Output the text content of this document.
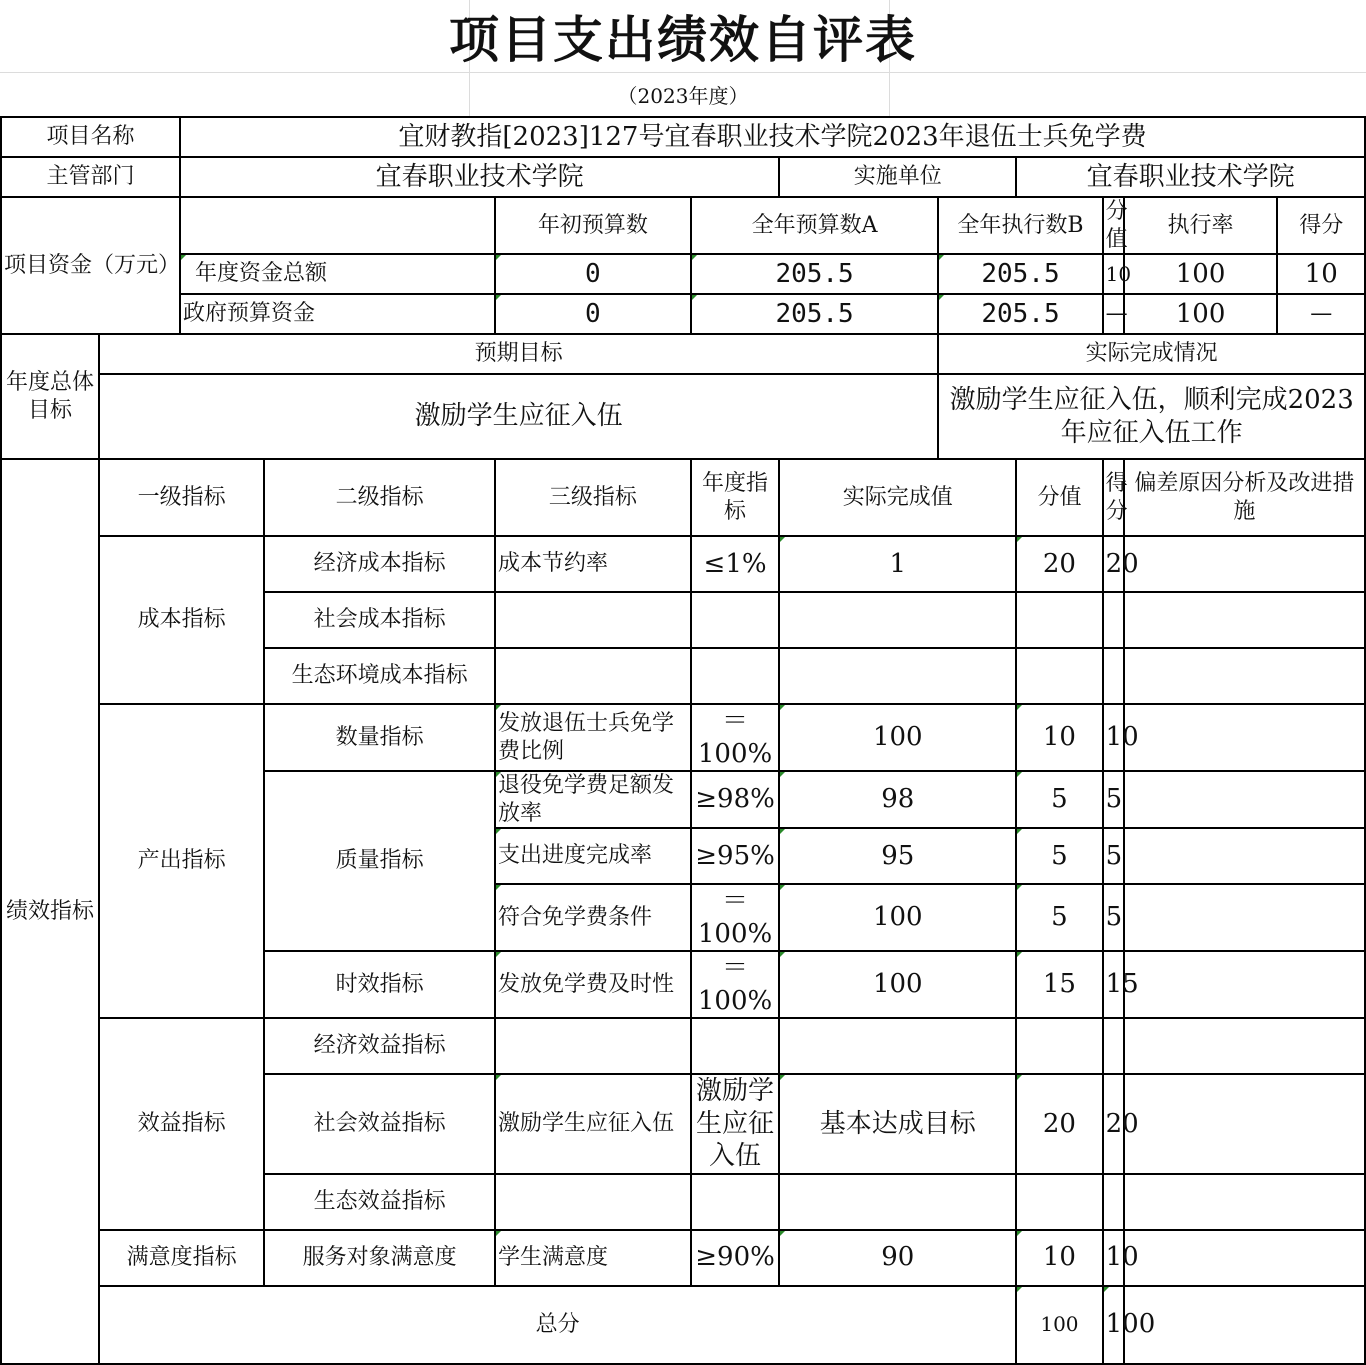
项目支出绩效自评表
（2023年度）
项目名称		宜财教指[2023]127号宜春职业技术学院2023年退伍士兵免学费									
主管部门		宜春职业技术学院				实施单位		宜春职业技术学院			
项目资金（万元）				年初预算数	全年预算数A		全年执行数B		分值	执行率	得分
		年度资金总额		0	205.5		205.5		10	100	10
		政府预算资金		0	205.5		205.5		—	100	—
年度总体目标	预期目标						实际完成情况				
	激励学生应征入伍						激励学生应征入伍，顺利完成2023年应征入伍工作				
绩效指标	一级指标		二级指标	三级指标	年度指标	实际完成值		分值	得分	偏差原因分析及改进措施	
	成本指标		经济成本指标	成本节约率	≤1%	1		20	20		
			社会成本指标								
			生态环境成本指标								
	产出指标		数量指标	发放退伍士兵免学费比例	＝100%	100		10	10		
			质量指标	退役免学费足额发放率	≥98%	98		5	5		
				支出进度完成率	≥95%	95		5	5		
				符合免学费条件	＝100%	100		5	5		
			时效指标	发放免学费及时性	＝100%	100		15	15		
	效益指标		经济效益指标								
			社会效益指标	激励学生应征入伍	激励学生应征入伍	基本达成目标		20	20		
			生态效益指标								
	满意度指标		服务对象满意度	学生满意度	≥90%	90		10	10		
	总分							100	100		
